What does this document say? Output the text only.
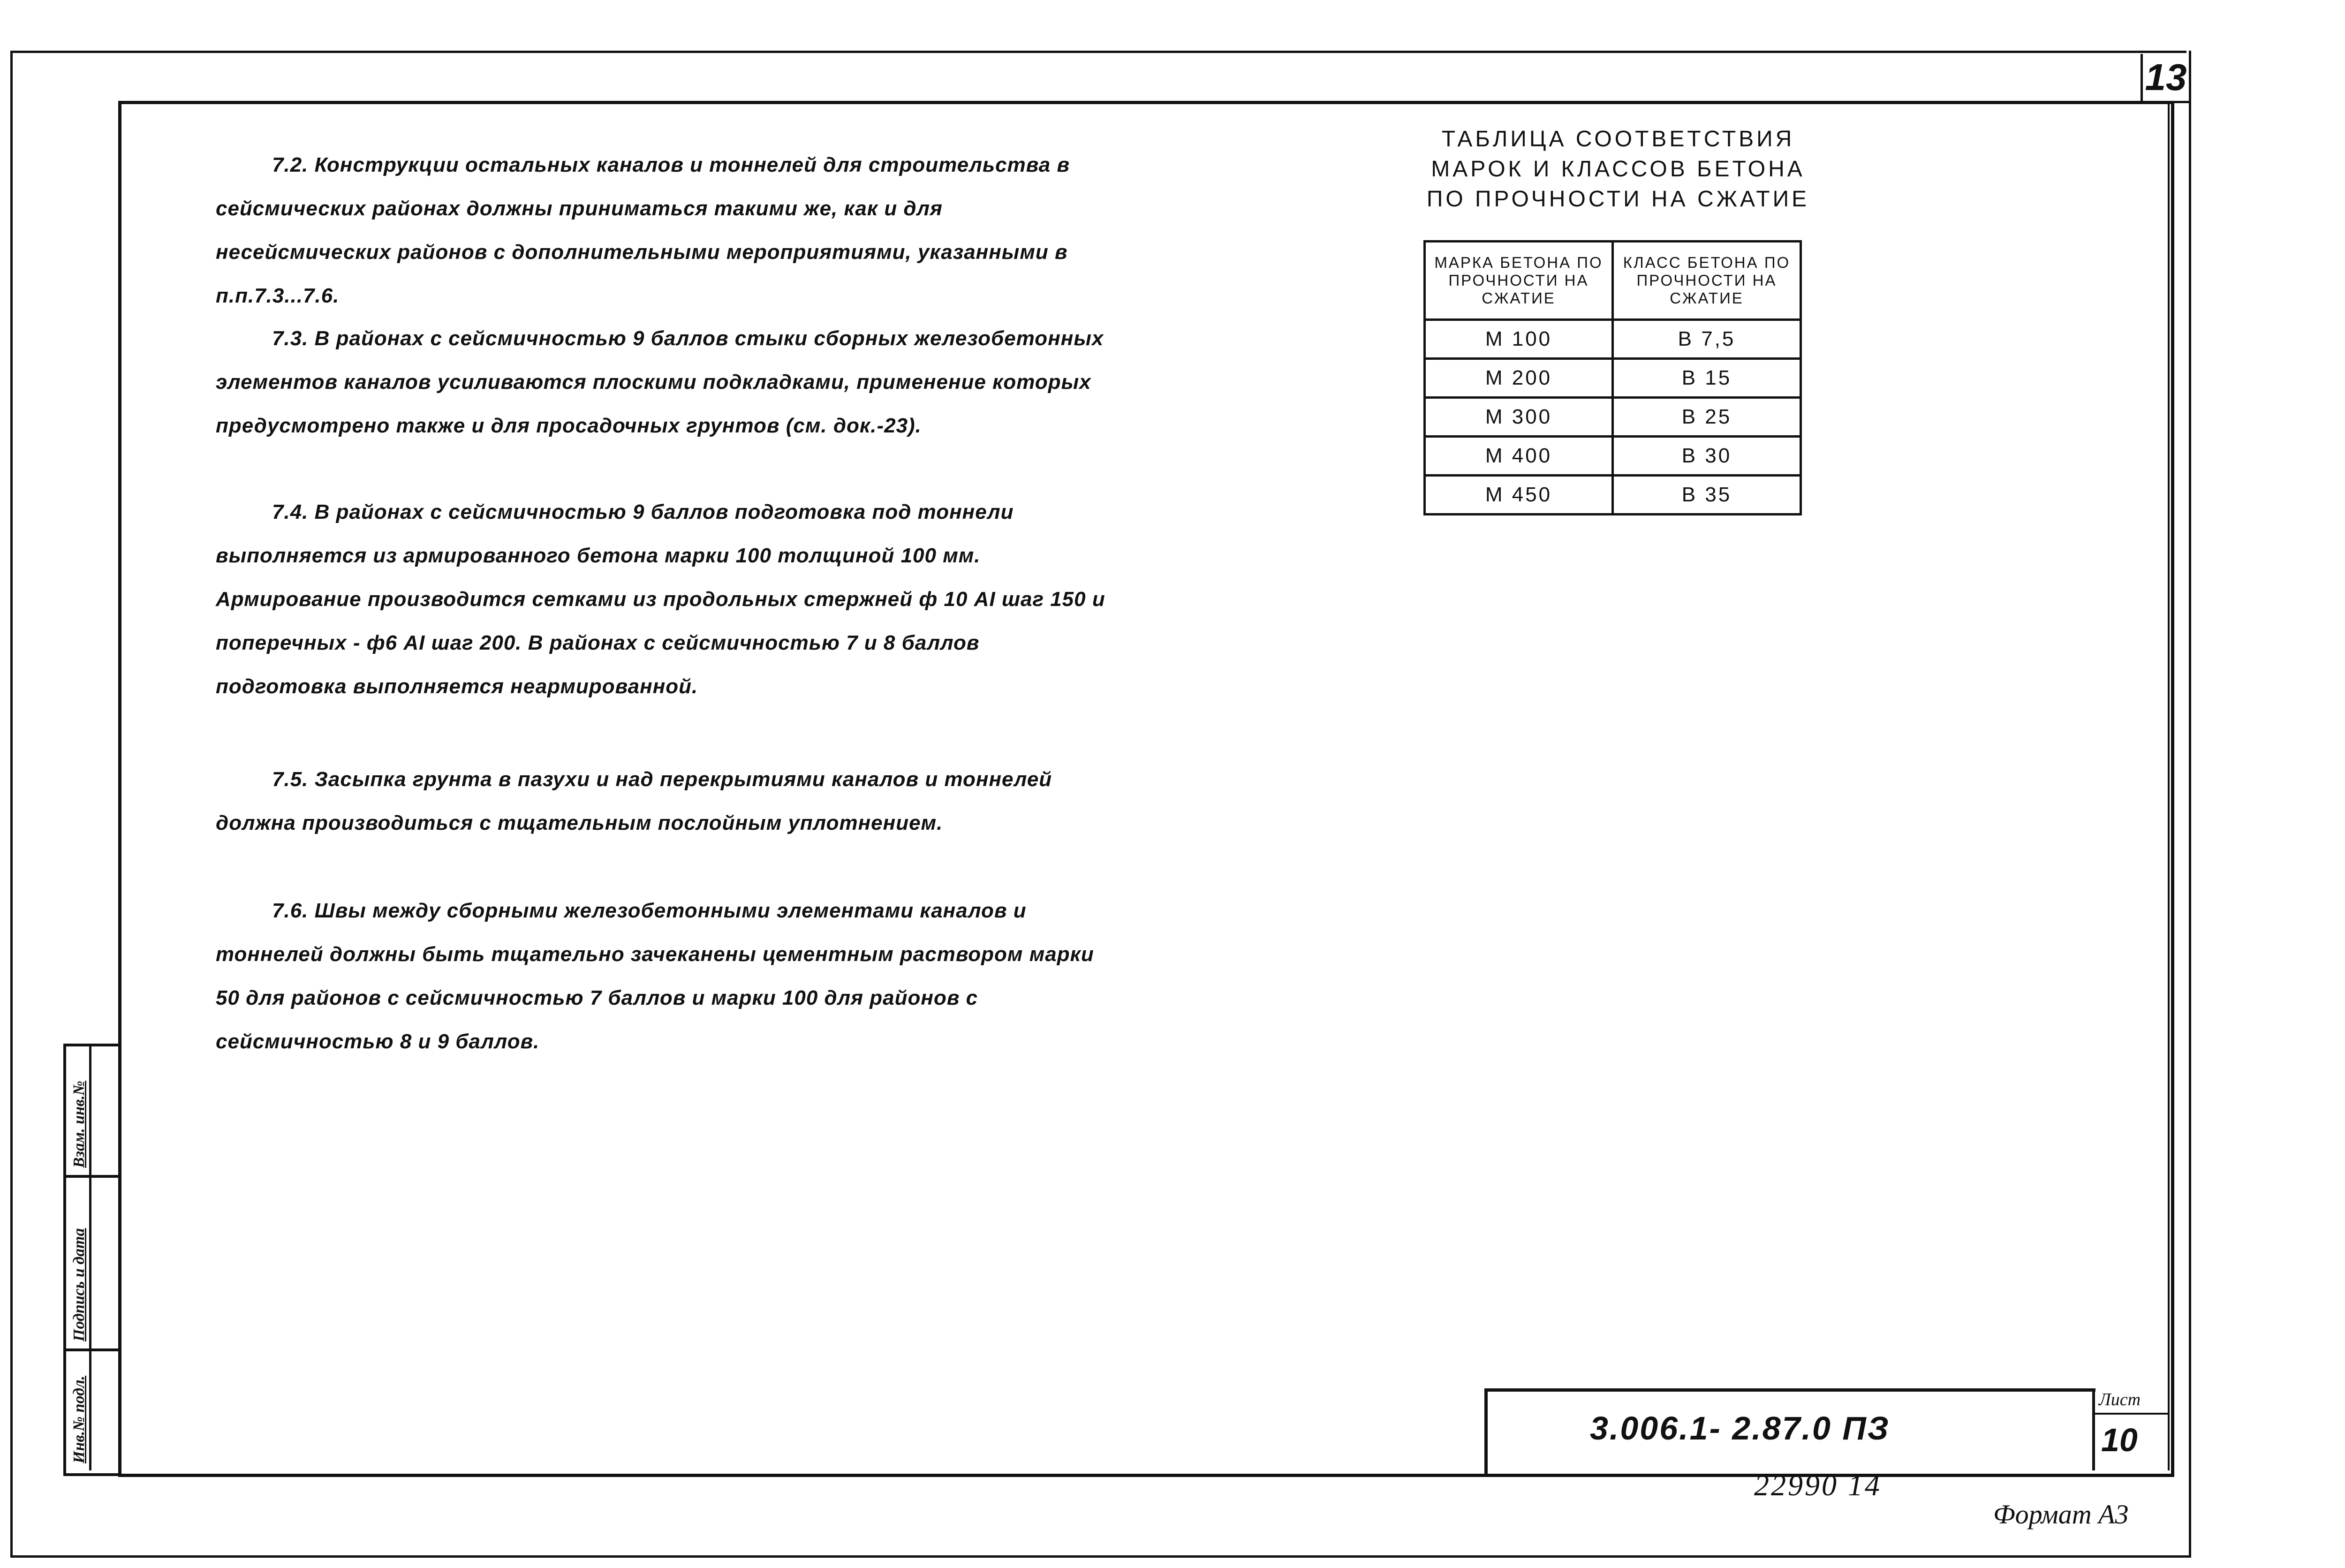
13
7.2. Конструкции остальных каналов и тоннелей для строительства в сейсмических районах должны приниматься такими же, как и для несейсмических районов с дополнительными мероприятиями, указанными в п.п.7.3...7.6.
7.3. В районах с сейсмичностью 9 баллов стыки сборных железобетонных элементов каналов усиливаются плоскими подкладками, применение которых предусмотрено также и для просадочных грунтов (см. док.-23).
7.4. В районах с сейсмичностью 9 баллов подготовка под тоннели выполняется из армированного бетона марки 100 толщиной 100 мм. Армирование производится сетками из продольных стержней ф 10 АI шаг 150 и поперечных - ф6 АI шаг 200. В районах с сейсмичностью 7 и 8 баллов подготовка выполняется неармированной.
7.5. Засыпка грунта в пазухи и над перекрытиями каналов и тоннелей должна производиться с тщательным послойным уплотнением.
7.6. Швы между сборными железобетонными элементами каналов и тоннелей должны быть тщательно зачеканены цементным раствором марки 50 для районов с сейсмичностью 7 баллов и марки 100 для районов с сейсмичностью 8 и 9 баллов.
ТАБЛИЦА СООТВЕТСТВИЯ
МАРОК И КЛАССОВ БЕТОНА
ПО ПРОЧНОСТИ НА СЖАТИЕ
МАРКА БЕТОНА ПО ПРОЧНОСТИ НА СЖАТИЕ	КЛАСС БЕТОНА ПО ПРОЧНОСТИ НА СЖАТИЕ
М 100	В 7,5
М 200	В 15
М 300	В 25
М 400	В 30
М 450	В 35
3.006.1- 2.87.0 ПЗ
Лист
10
22990 14
Формат А3
Инв.№ подл.
Подпись и дата
Взам. инв.№
